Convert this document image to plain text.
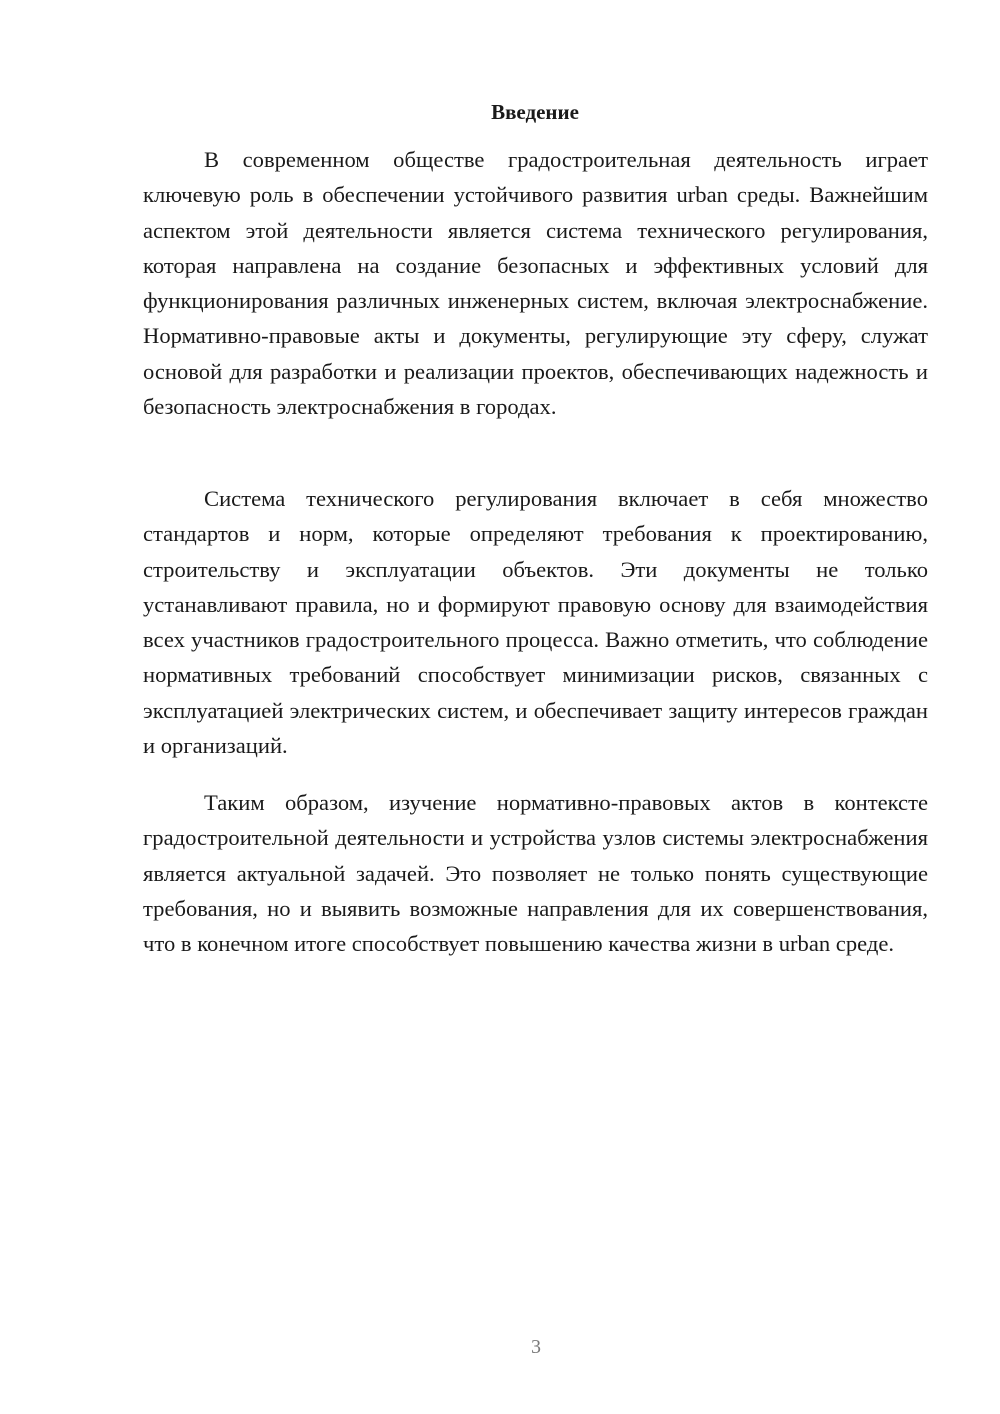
Введение

В современном обществе градостроительная деятельность играет ключевую роль в обеспечении устойчивого развития urban среды. Важнейшим аспектом этой деятельности является система технического регулирования, которая направлена на создание безопасных и эффективных условий для функционирования различных инженерных систем, включая электроснабжение. Нормативно-правовые акты и документы, регулирующие эту сферу, служат основой для разработки и реализации проектов, обеспечивающих надежность и безопасность электроснабжения в городах.

Система технического регулирования включает в себя множество стандартов и норм, которые определяют требования к проектированию, строительству и эксплуатации объектов. Эти документы не только устанавливают правила, но и формируют правовую основу для взаимодействия всех участников градостроительного процесса. Важно отметить, что соблюдение нормативных требований способствует минимизации рисков, связанных с эксплуатацией электрических систем, и обеспечивает защиту интересов граждан и организаций.

Таким образом, изучение нормативно-правовых актов в контексте градостроительной деятельности и устройства узлов системы электроснабжения является актуальной задачей. Это позволяет не только понять существующие требования, но и выявить возможные направления для их совершенствования, что в конечном итоге способствует повышению качества жизни в urban среде.

3
